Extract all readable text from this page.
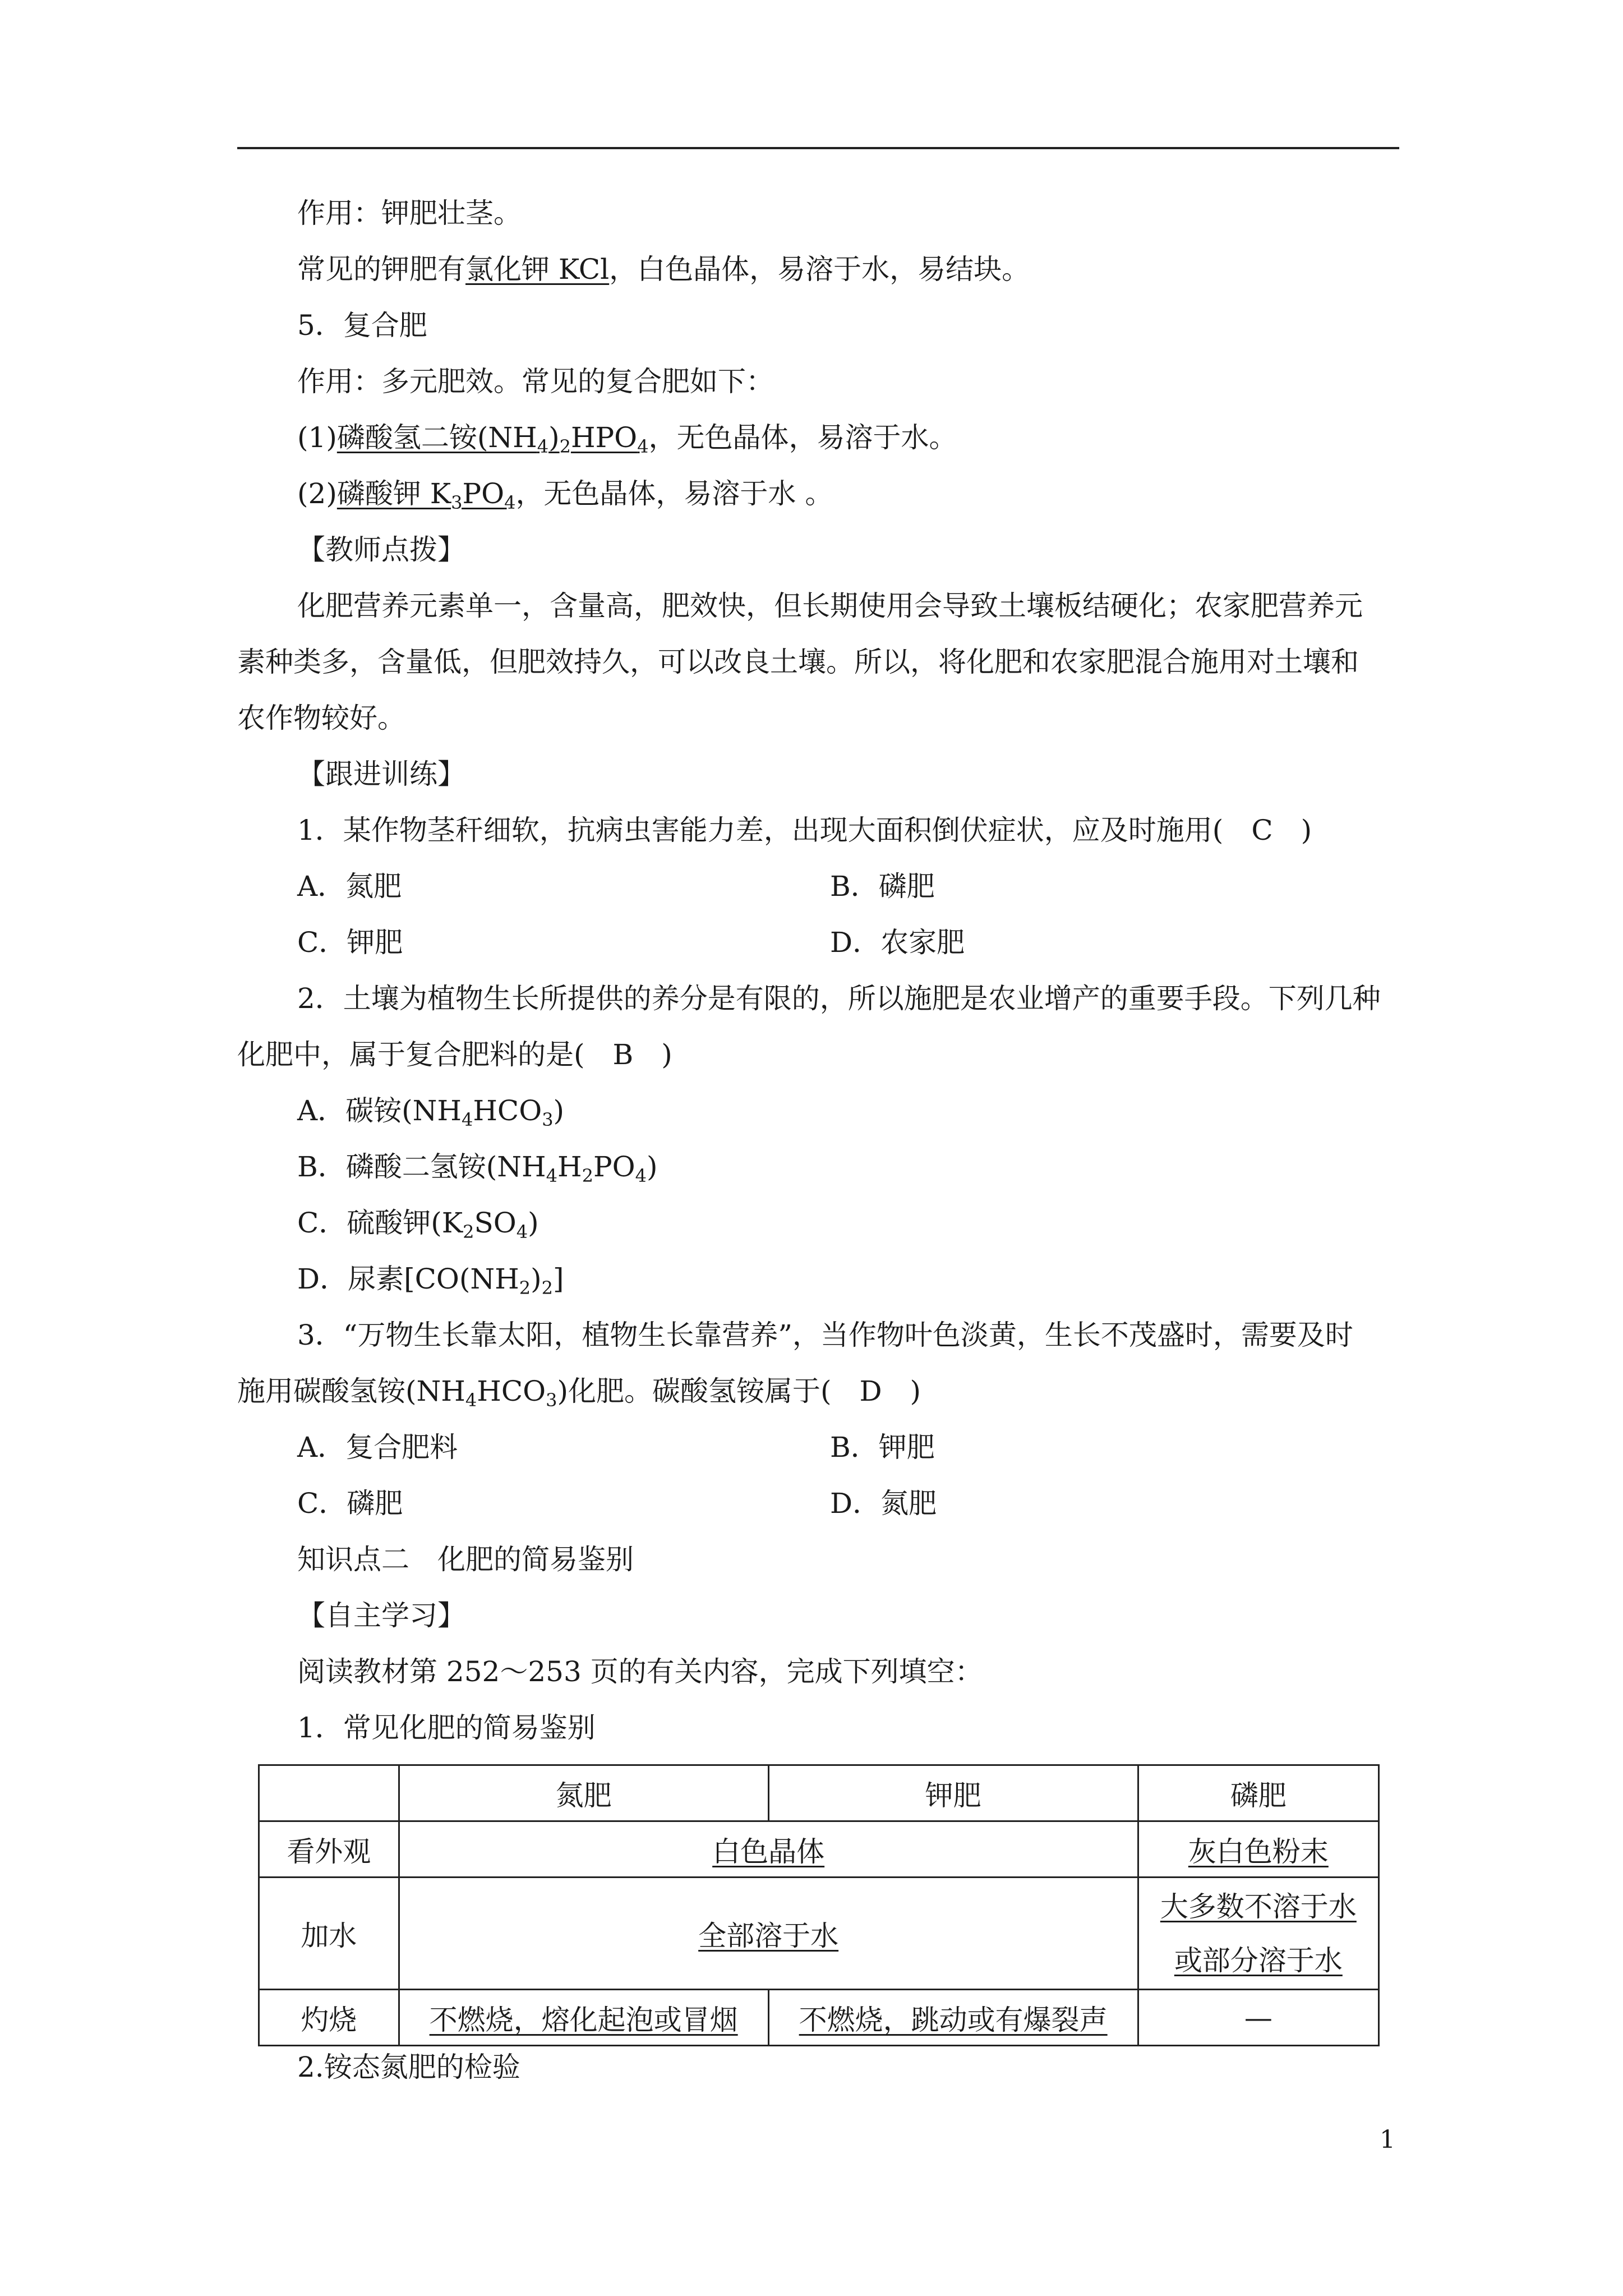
作用：钾肥壮茎。
常见的钾肥有氯化钾 KCl，白色晶体，易溶于水，易结块。
5．复合肥
作用：多元肥效。常见的复合肥如下：
(1)磷酸氢二铵$(NH_4)_2HPO_4$，无色晶体，易溶于水。
(2)磷酸钾 $K_3PO_4$，无色晶体，易溶于水 。
【教师点拨】
化肥营养元素单一，含量高，肥效快，但长期使用会导致土壤板结硬化；农家肥营养元
素种类多，含量低，但肥效持久，可以改良土壤。所以，将化肥和农家肥混合施用对土壤和
农作物较好。
【跟进训练】
1．某作物茎秆细软，抗病虫害能力差，出现大面积倒伏症状，应及时施用(　C　)
A．氮肥	B．磷肥
C．钾肥	D．农家肥
2．土壤为植物生长所提供的养分是有限的，所以施肥是农业增产的重要手段。下列几种
化肥中，属于复合肥料的是(　B　)
A．碳铵$(NH_4HCO_3)$
B．磷酸二氢铵$(NH_4H_2PO_4)$
C．硫酸钾$(K_2SO_4)$
D．尿素$[CO(NH_2)_2]$
3．“万物生长靠太阳，植物生长靠营养”，当作物叶色淡黄，生长不茂盛时，需要及时
施用碳酸氢铵$(NH_4HCO_3)$化肥。碳酸氢铵属于(　D　)
A．复合肥料	B．钾肥
C．磷肥	D．氮肥
知识点二　化肥的简易鉴别
【自主学习】
阅读教材第 252～253 页的有关内容，完成下列填空：
1．常见化肥的简易鉴别
	氮肥	钾肥	磷肥
看外观	白色晶体		灰白色粉末
加水	全部溶于水		大多数不溶于水
或部分溶于水
灼烧	不燃烧，熔化起泡或冒烟	不燃烧，跳动或有爆裂声	—
2.铵态氮肥的检验
1
